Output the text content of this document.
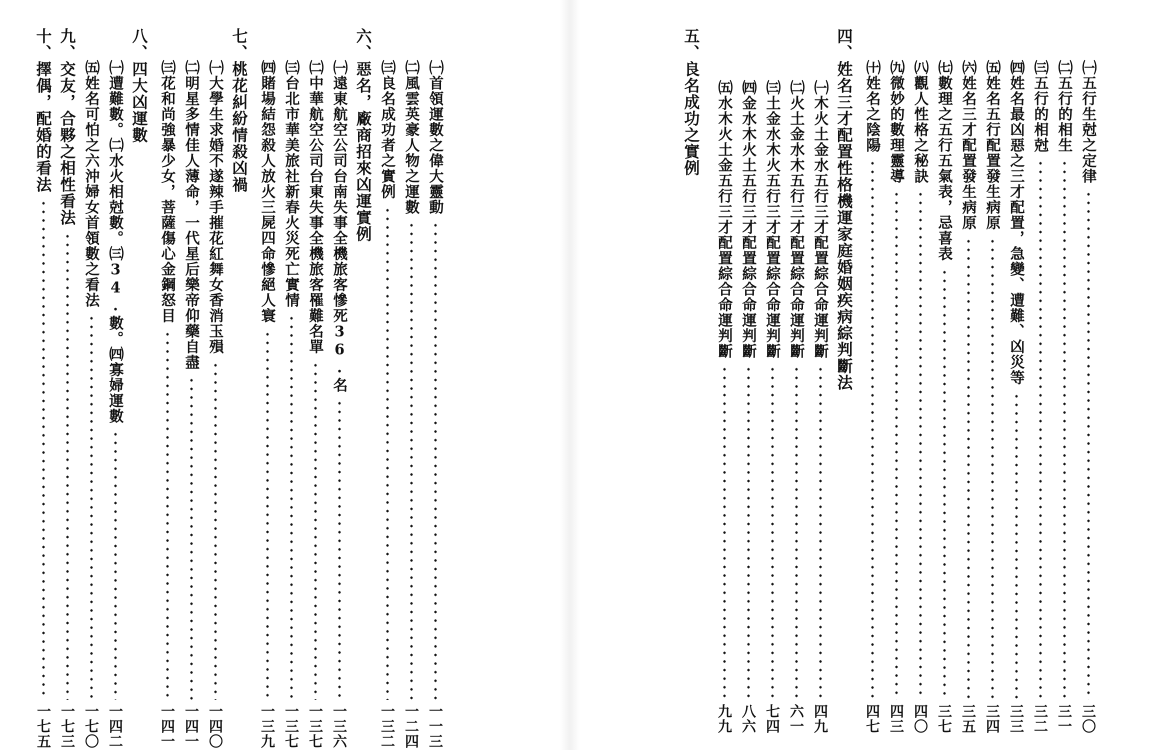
㈠首領運數之偉大靈動
一一三
㈡風雲英豪人物之運數
一二四
㈢良名成功者之實例
一三二
六、惡名，廠商招來凶運實例
㈠遠東航空公司台南失事全機旅客慘死36.名
一三六
㈡中華航空公司台東失事全機旅客罹難名單
一三七
㈢台北市華美旅社新春火災死亡實情
一三七
㈣賭場結怨殺人放火三屍四命慘絕人寰
一三九
七、桃花糾紛情殺凶禍
㈠大學生求婚不遂辣手摧花紅舞女香消玉殞
一四〇
㈡明星多情佳人薄命，一代星后樂帝仰藥自盡
一四一
㈢花和尚強暴少女，菩薩傷心金鋼怒目
一四一
八、四大凶運數
㈠遭難數。㈡水火相尅數。㈢34.數。㈣寡婦運數
一四二
㈤姓名可怕之六沖婦女首領數之看法
一七〇
九、交友，合夥之相性看法
一七三
十、擇偶，配婚的看法
一七五
㈠五行生尅之定律
三〇
㈡五行的相生
三一
㈢五行的相尅
三二
㈣姓名最凶惡之三才配置，急變、遭難、凶災等
三三
㈤姓名五行配置發生病原
三四
㈥姓名三才配置發生病原
三五
㈦數理之五行五氣表，忌喜表
三七
㈧觀人性格之秘訣
四〇
㈨微妙的數理靈導
四三
㈩姓名之陰陽
四七
四、姓名三才配置性格機運家庭婚姻疾病綜判斷法
㈠木火土金水五行三才配置綜合命運判斷
四九
㈡火土金水木五行三才配置綜合命運判斷
六一
㈢土金水木火五行三才配置綜合命運判斷
七四
㈣金水木火土五行三才配置綜合命運判斷
八六
㈤水木火土金五行三才配置綜合命運判斷
九九
五、良名成功之實例
